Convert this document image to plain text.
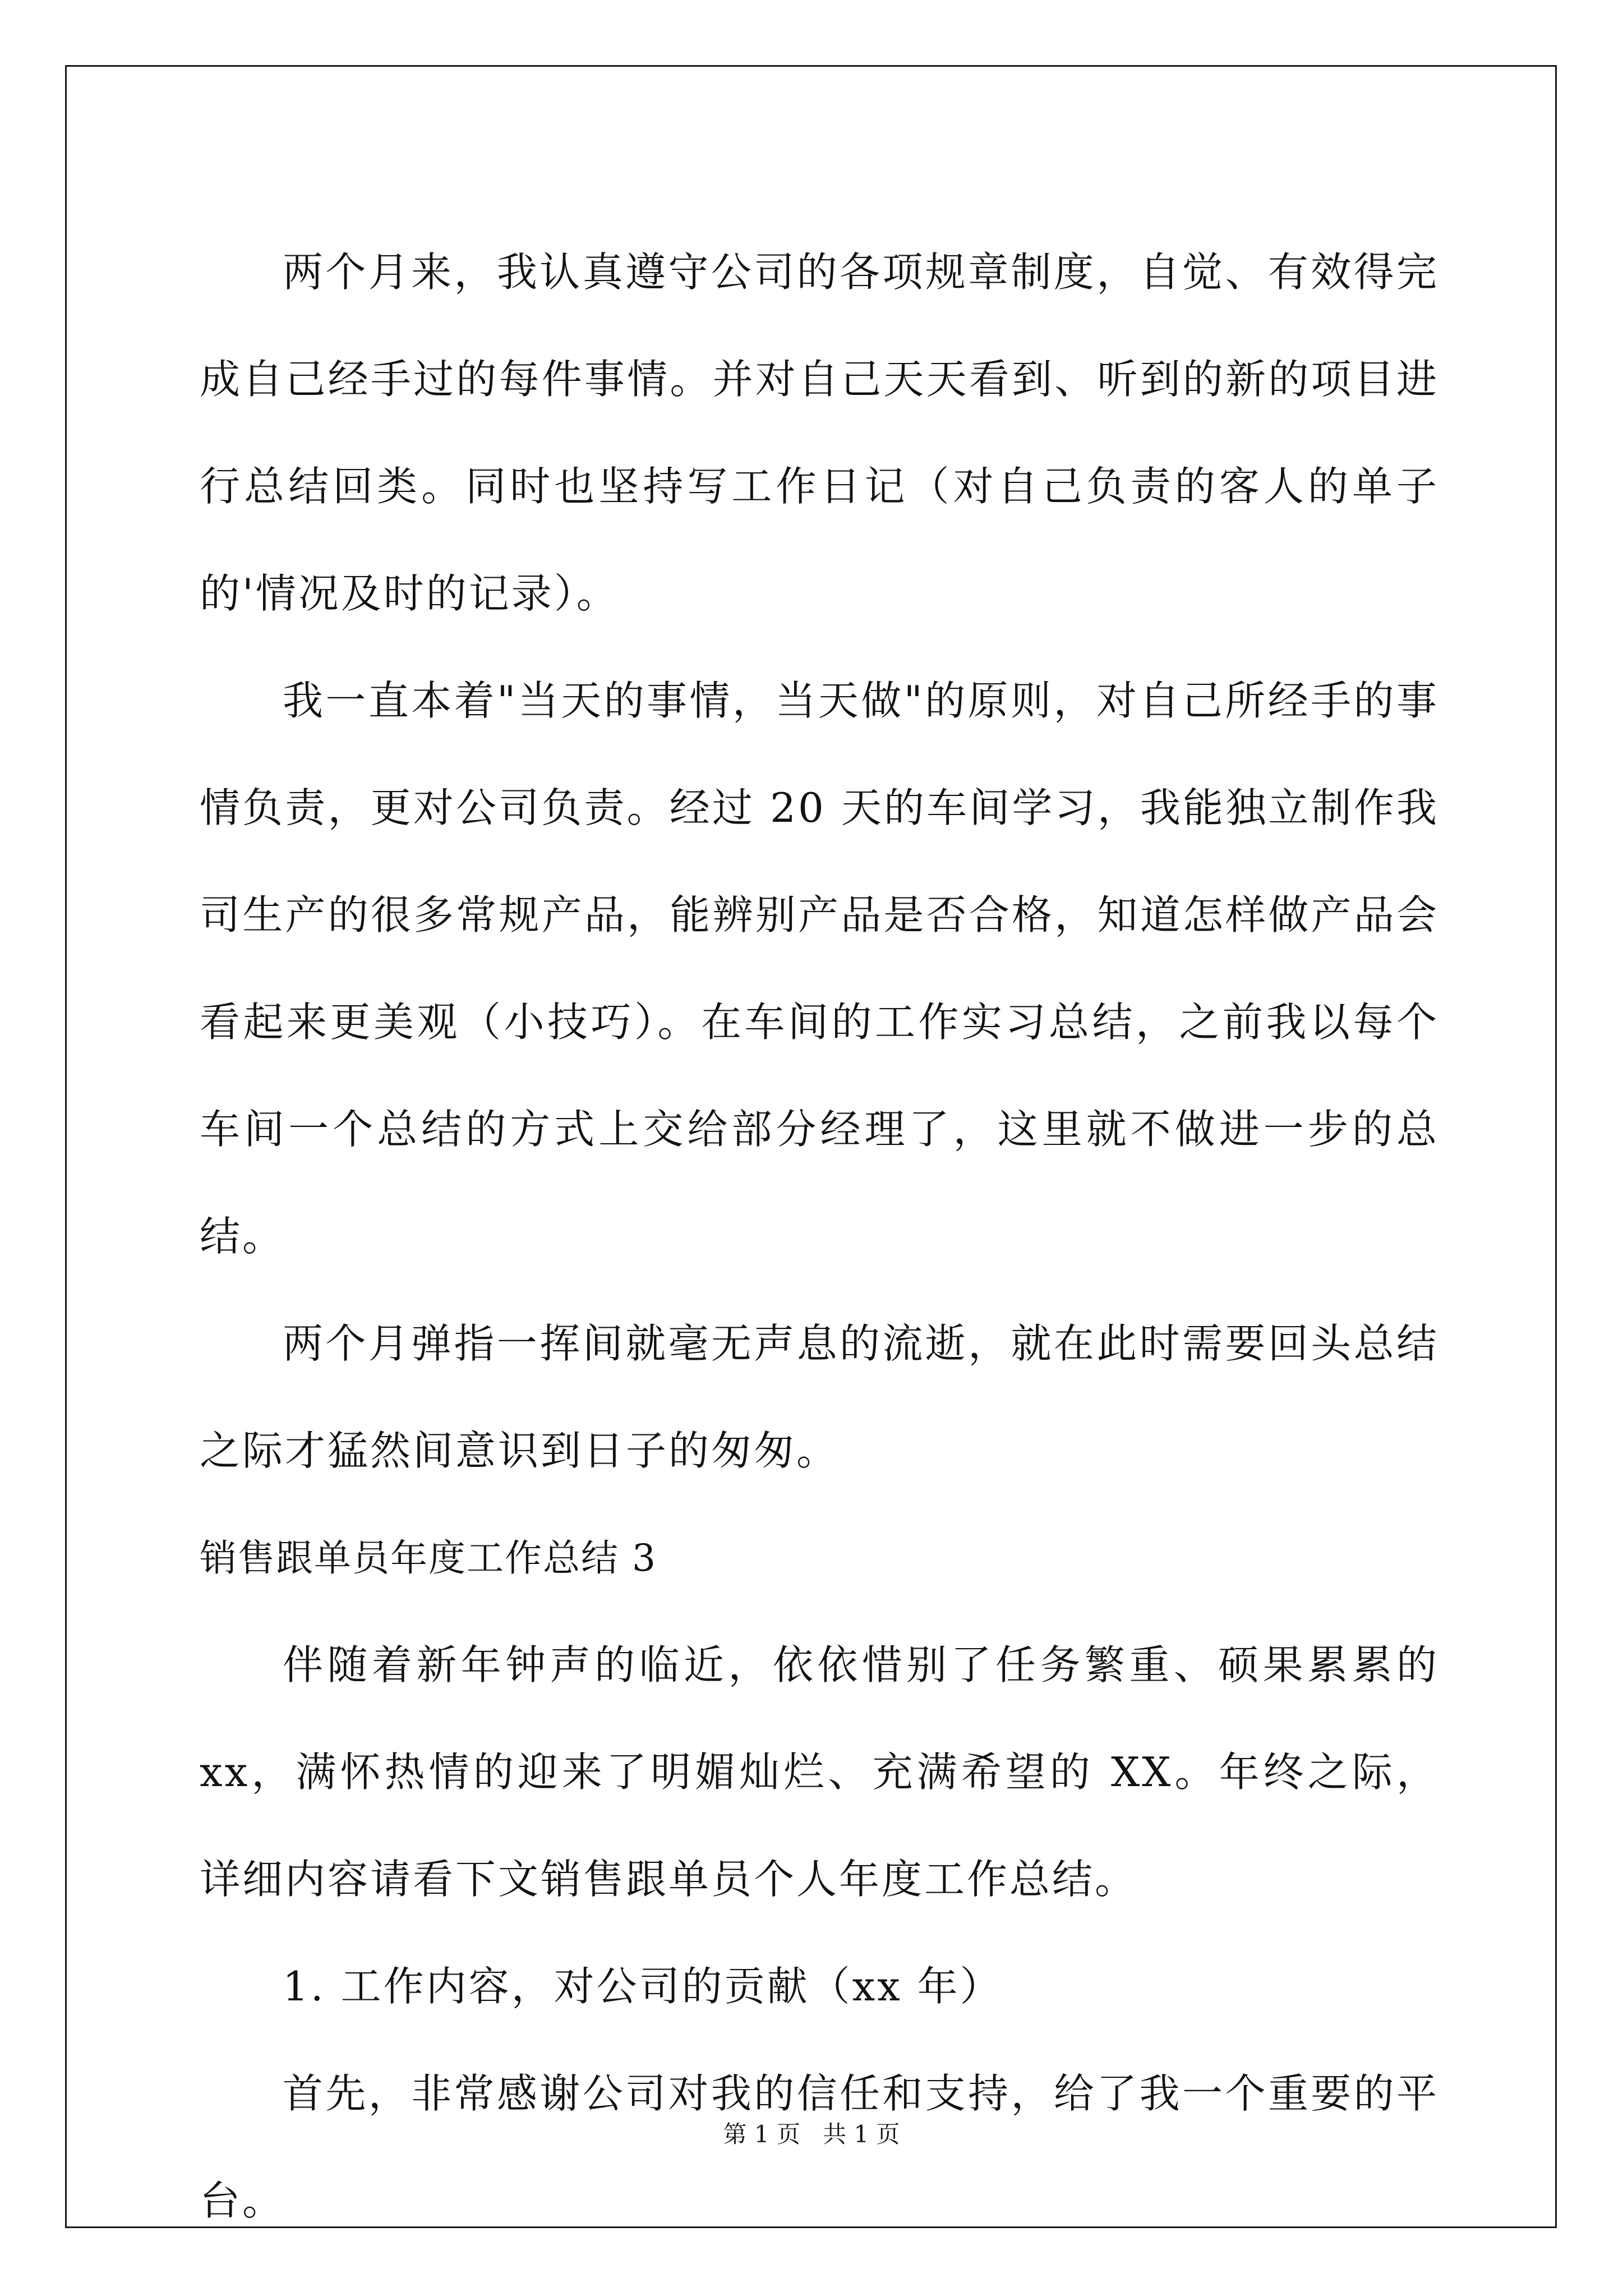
两个月来，我认真遵守公司的各项规章制度，自觉、有效得完成自己经手过的每件事情。并对自己天天看到、听到的新的项目进行总结回类。同时也坚持写工作日记（对自己负责的客人的单子的'情况及时的记录）。

我一直本着"当天的事情，当天做"的原则，对自己所经手的事情负责，更对公司负责。经过 20 天的车间学习，我能独立制作我司生产的很多常规产品，能辨别产品是否合格，知道怎样做产品会看起来更美观（小技巧）。在车间的工作实习总结，之前我以每个车间一个总结的方式上交给部分经理了，这里就不做进一步的总结。

两个月弹指一挥间就毫无声息的流逝，就在此时需要回头总结之际才猛然间意识到日子的匆匆。

销售跟单员年度工作总结 3

伴随着新年钟声的临近，依依惜别了任务繁重、硕果累累的 xx，满怀热情的迎来了明媚灿烂、充满希望的 XX。年终之际， 详细内容请看下文销售跟单员个人年度工作总结。

1. 工作内容，对公司的贡献（xx 年）

首先，非常感谢公司对我的信任和支持，给了我一个重要的平台。

第 1 页   共 1 页
